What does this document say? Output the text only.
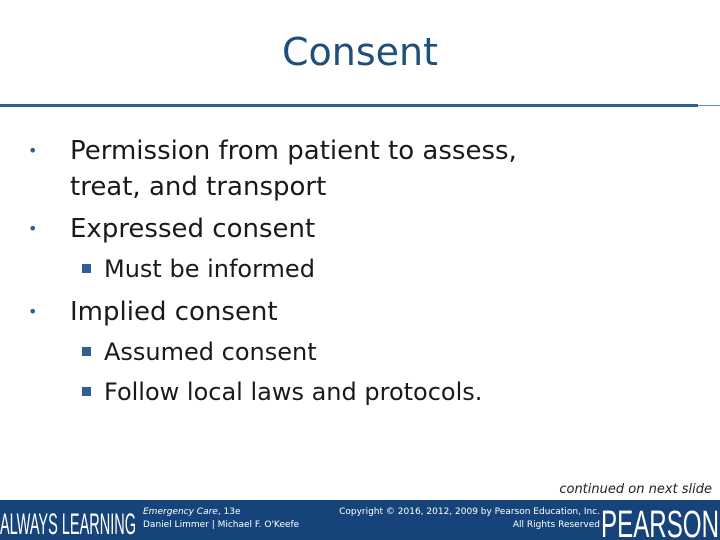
Consent
• Permission from patient to assess,
treat, and transport
• Expressed consent
Must be informed
• Implied consent
Assumed consent
Follow local laws and protocols.
continued on next slide
ALWAYS LEARNING Emergency Care, 13e
Daniel Limmer | Michael F. O'Keefe
Copyright © 2016, 2012, 2009 by Pearson Education, Inc.
All Rights Reserved PEARSON
